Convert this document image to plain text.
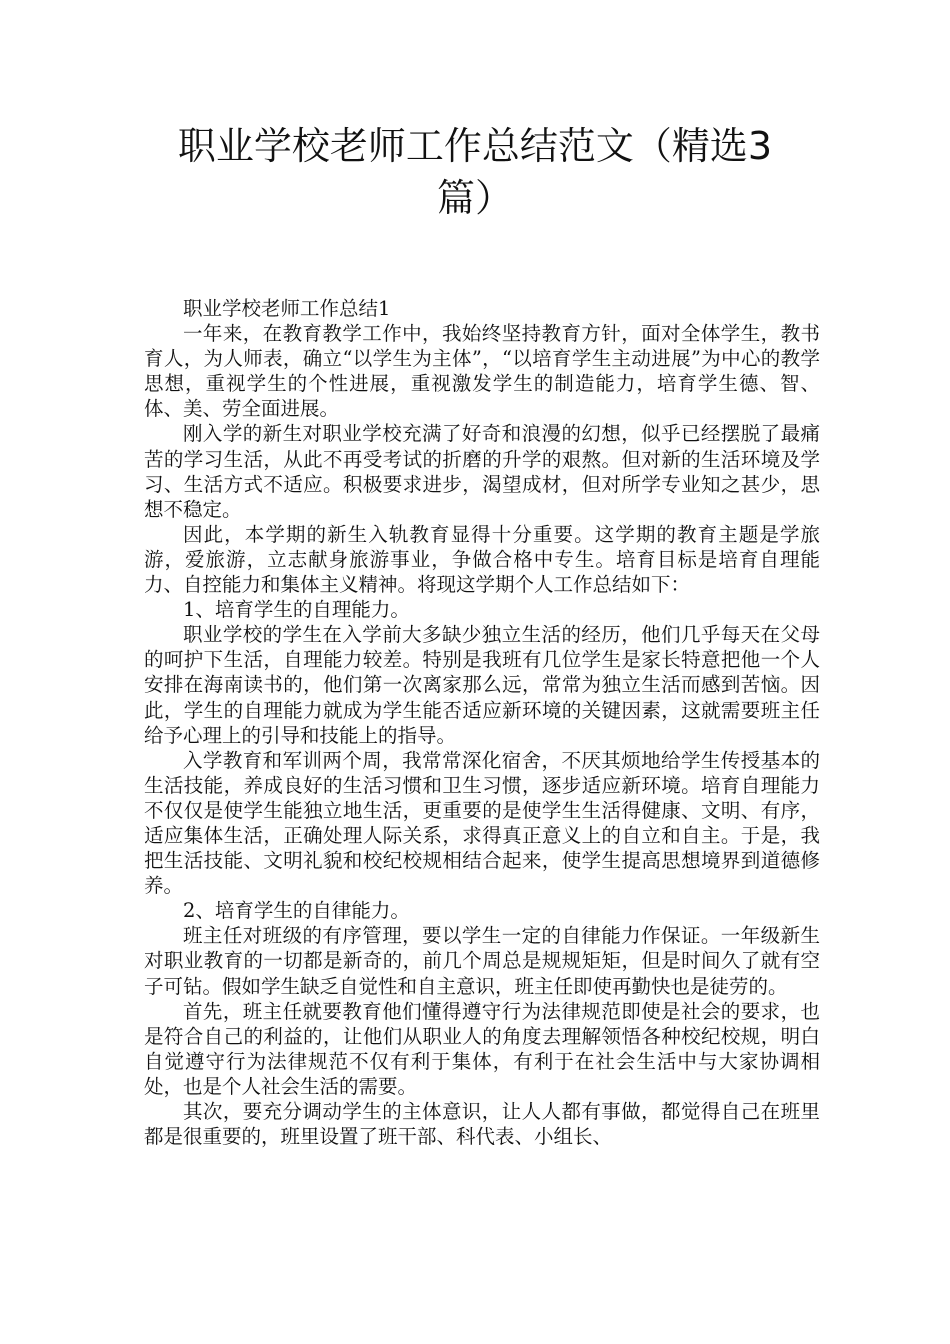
职业学校老师工作总结范文（精选3篇）

职业学校老师工作总结1

一年来，在教育教学工作中，我始终坚持教育方针，面对全体学生，教书育人，为人师表，确立“以学生为主体”，“以培育学生主动进展”为中心的教学思想，重视学生的个性进展，重视激发学生的制造能力，培育学生德、智、体、美、劳全面进展。

刚入学的新生对职业学校充满了好奇和浪漫的幻想，似乎已经摆脱了最痛苦的学习生活，从此不再受考试的折磨的升学的艰熬。但对新的生活环境及学习、生活方式不适应。积极要求进步，渴望成材，但对所学专业知之甚少，思想不稳定。

因此，本学期的新生入轨教育显得十分重要。这学期的教育主题是学旅游，爱旅游，立志献身旅游事业，争做合格中专生。培育目标是培育自理能力、自控能力和集体主义精神。将现这学期个人工作总结如下：

1、培育学生的自理能力。

职业学校的学生在入学前大多缺少独立生活的经历，他们几乎每天在父母的呵护下生活，自理能力较差。特别是我班有几位学生是家长特意把他一个人安排在海南读书的，他们第一次离家那么远，常常为独立生活而感到苦恼。因此，学生的自理能力就成为学生能否适应新环境的关键因素，这就需要班主任给予心理上的引导和技能上的指导。

入学教育和军训两个周，我常常深化宿舍，不厌其烦地给学生传授基本的生活技能，养成良好的生活习惯和卫生习惯，逐步适应新环境。培育自理能力不仅仅是使学生能独立地生活，更重要的是使学生生活得健康、文明、有序，适应集体生活，正确处理人际关系，求得真正意义上的自立和自主。于是，我把生活技能、文明礼貌和校纪校规相结合起来，使学生提高思想境界到道德修养。

2、培育学生的自律能力。

班主任对班级的有序管理，要以学生一定的自律能力作保证。一年级新生对职业教育的一切都是新奇的，前几个周总是规规矩矩，但是时间久了就有空子可钻。假如学生缺乏自觉性和自主意识，班主任即使再勤快也是徒劳的。

首先，班主任就要教育他们懂得遵守行为法律规范即使是社会的要求，也是符合自己的利益的，让他们从职业人的角度去理解领悟各种校纪校规，明白自觉遵守行为法律规范不仅有利于集体，有利于在社会生活中与大家协调相处，也是个人社会生活的需要。

其次，要充分调动学生的主体意识，让人人都有事做，都觉得自己在班里都是很重要的，班里设置了班干部、科代表、小组长、
